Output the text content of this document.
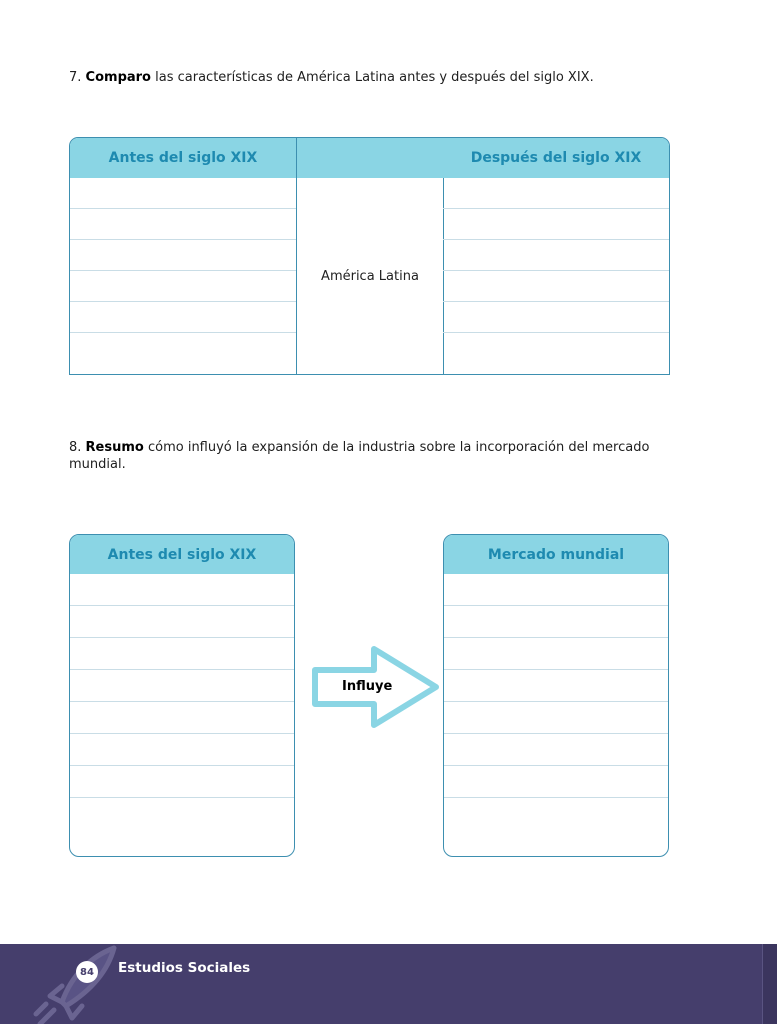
7. Comparo las características de América Latina antes y después del siglo XIX.
Antes del siglo XIX
América Latina
Después del siglo XIX
8. Resumo cómo influyó la expansión de la industria sobre la incorporación del mercado mundial.
Antes del siglo XIX
Influye
Mercado mundial
84 Estudios Sociales
